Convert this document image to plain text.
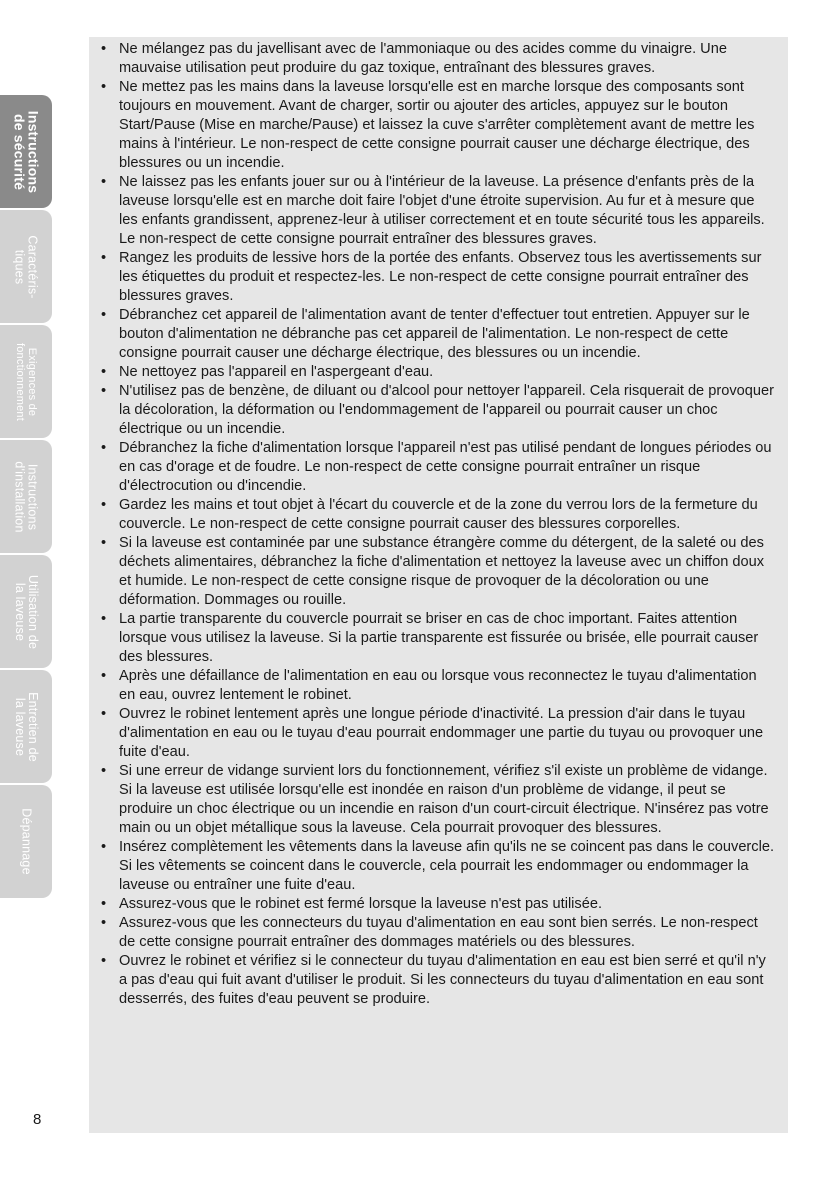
Instructions
de sécurité
Caractéris-
tiques
Exigences de
fonctionnement
Instructions
d'installation
Utilisation de
la laveuse
Entretien de
la laveuse
Dépannage
• Ne mélangez pas du javellisant avec de l'ammoniaque ou des acides comme du vinaigre. Une mauvaise utilisation peut produire du gaz toxique, entraînant des blessures graves.
• Ne mettez pas les mains dans la laveuse lorsqu'elle est en marche lorsque des composants sont toujours en mouvement. Avant de charger, sortir ou ajouter des articles, appuyez sur le bouton Start/Pause (Mise en marche/Pause) et laissez la cuve s'arrêter complètement avant de mettre les mains à l'intérieur. Le non-respect de cette consigne pourrait causer une décharge électrique, des blessures ou un incendie.
• Ne laissez pas les enfants jouer sur ou à l'intérieur de la laveuse. La présence d'enfants près de la laveuse lorsqu'elle est en marche doit faire l'objet d'une étroite supervision. Au fur et à mesure que les enfants grandissent, apprenez-leur à utiliser correctement et en toute sécurité tous les appareils. Le non-respect de cette consigne pourrait entraîner des blessures graves.
• Rangez les produits de lessive hors de la portée des enfants. Observez tous les avertissements sur les étiquettes du produit et respectez-les. Le non-respect de cette consigne pourrait entraîner des blessures graves.
• Débranchez cet appareil de l'alimentation avant de tenter d'effectuer tout entretien. Appuyer sur le bouton d'alimentation ne débranche pas cet appareil de l'alimentation. Le non-respect de cette consigne pourrait causer une décharge électrique, des blessures ou un incendie.
• Ne nettoyez pas l'appareil en l'aspergeant d'eau.
• N'utilisez pas de benzène, de diluant ou d'alcool pour nettoyer l'appareil. Cela risquerait de provoquer la décoloration, la déformation ou l'endommagement de l'appareil ou pourrait causer un choc électrique ou un incendie.
• Débranchez la fiche d'alimentation lorsque l'appareil n'est pas utilisé pendant de longues périodes ou en cas d'orage et de foudre. Le non-respect de cette consigne pourrait entraîner un risque d'électrocution ou d'incendie.
• Gardez les mains et tout objet à l'écart du couvercle et de la zone du verrou lors de la fermeture du couvercle. Le non-respect de cette consigne pourrait causer des blessures corporelles.
• Si la laveuse est contaminée par une substance étrangère comme du détergent, de la saleté ou des déchets alimentaires, débranchez la fiche d'alimentation et nettoyez la laveuse avec un chiffon doux et humide. Le non-respect de cette consigne risque de provoquer de la décoloration ou une déformation. Dommages ou rouille.
• La partie transparente du couvercle pourrait se briser en cas de choc important. Faites attention lorsque vous utilisez la laveuse. Si la partie transparente est fissurée ou brisée, elle pourrait causer des blessures.
• Après une défaillance de l'alimentation en eau ou lorsque vous reconnectez le tuyau d'alimentation en eau, ouvrez lentement le robinet.
• Ouvrez le robinet lentement après une longue période d'inactivité. La pression d'air dans le tuyau d'alimentation en eau ou le tuyau d'eau pourrait endommager une partie du tuyau ou provoquer une fuite d'eau.
• Si une erreur de vidange survient lors du fonctionnement, vérifiez s'il existe un problème de vidange. Si la laveuse est utilisée lorsqu'elle est inondée en raison d'un problème de vidange, il peut se produire un choc électrique ou un incendie en raison d'un court-circuit électrique. N'insérez pas votre main ou un objet métallique sous la laveuse. Cela pourrait provoquer des blessures.
• Insérez complètement les vêtements dans la laveuse afin qu'ils ne se coincent pas dans le couvercle. Si les vêtements se coincent dans le couvercle, cela pourrait les endommager ou endommager la laveuse ou entraîner une fuite d'eau.
• Assurez-vous que le robinet est fermé lorsque la laveuse n'est pas utilisée.
• Assurez-vous que les connecteurs du tuyau d'alimentation en eau sont bien serrés. Le non-respect de cette consigne pourrait entraîner des dommages matériels ou des blessures.
• Ouvrez le robinet et vérifiez si le connecteur du tuyau d'alimentation en eau est bien serré et qu'il n'y a pas d'eau qui fuit avant d'utiliser le produit. Si les connecteurs du tuyau d'alimentation en eau sont desserrés, des fuites d'eau peuvent se produire.
8
